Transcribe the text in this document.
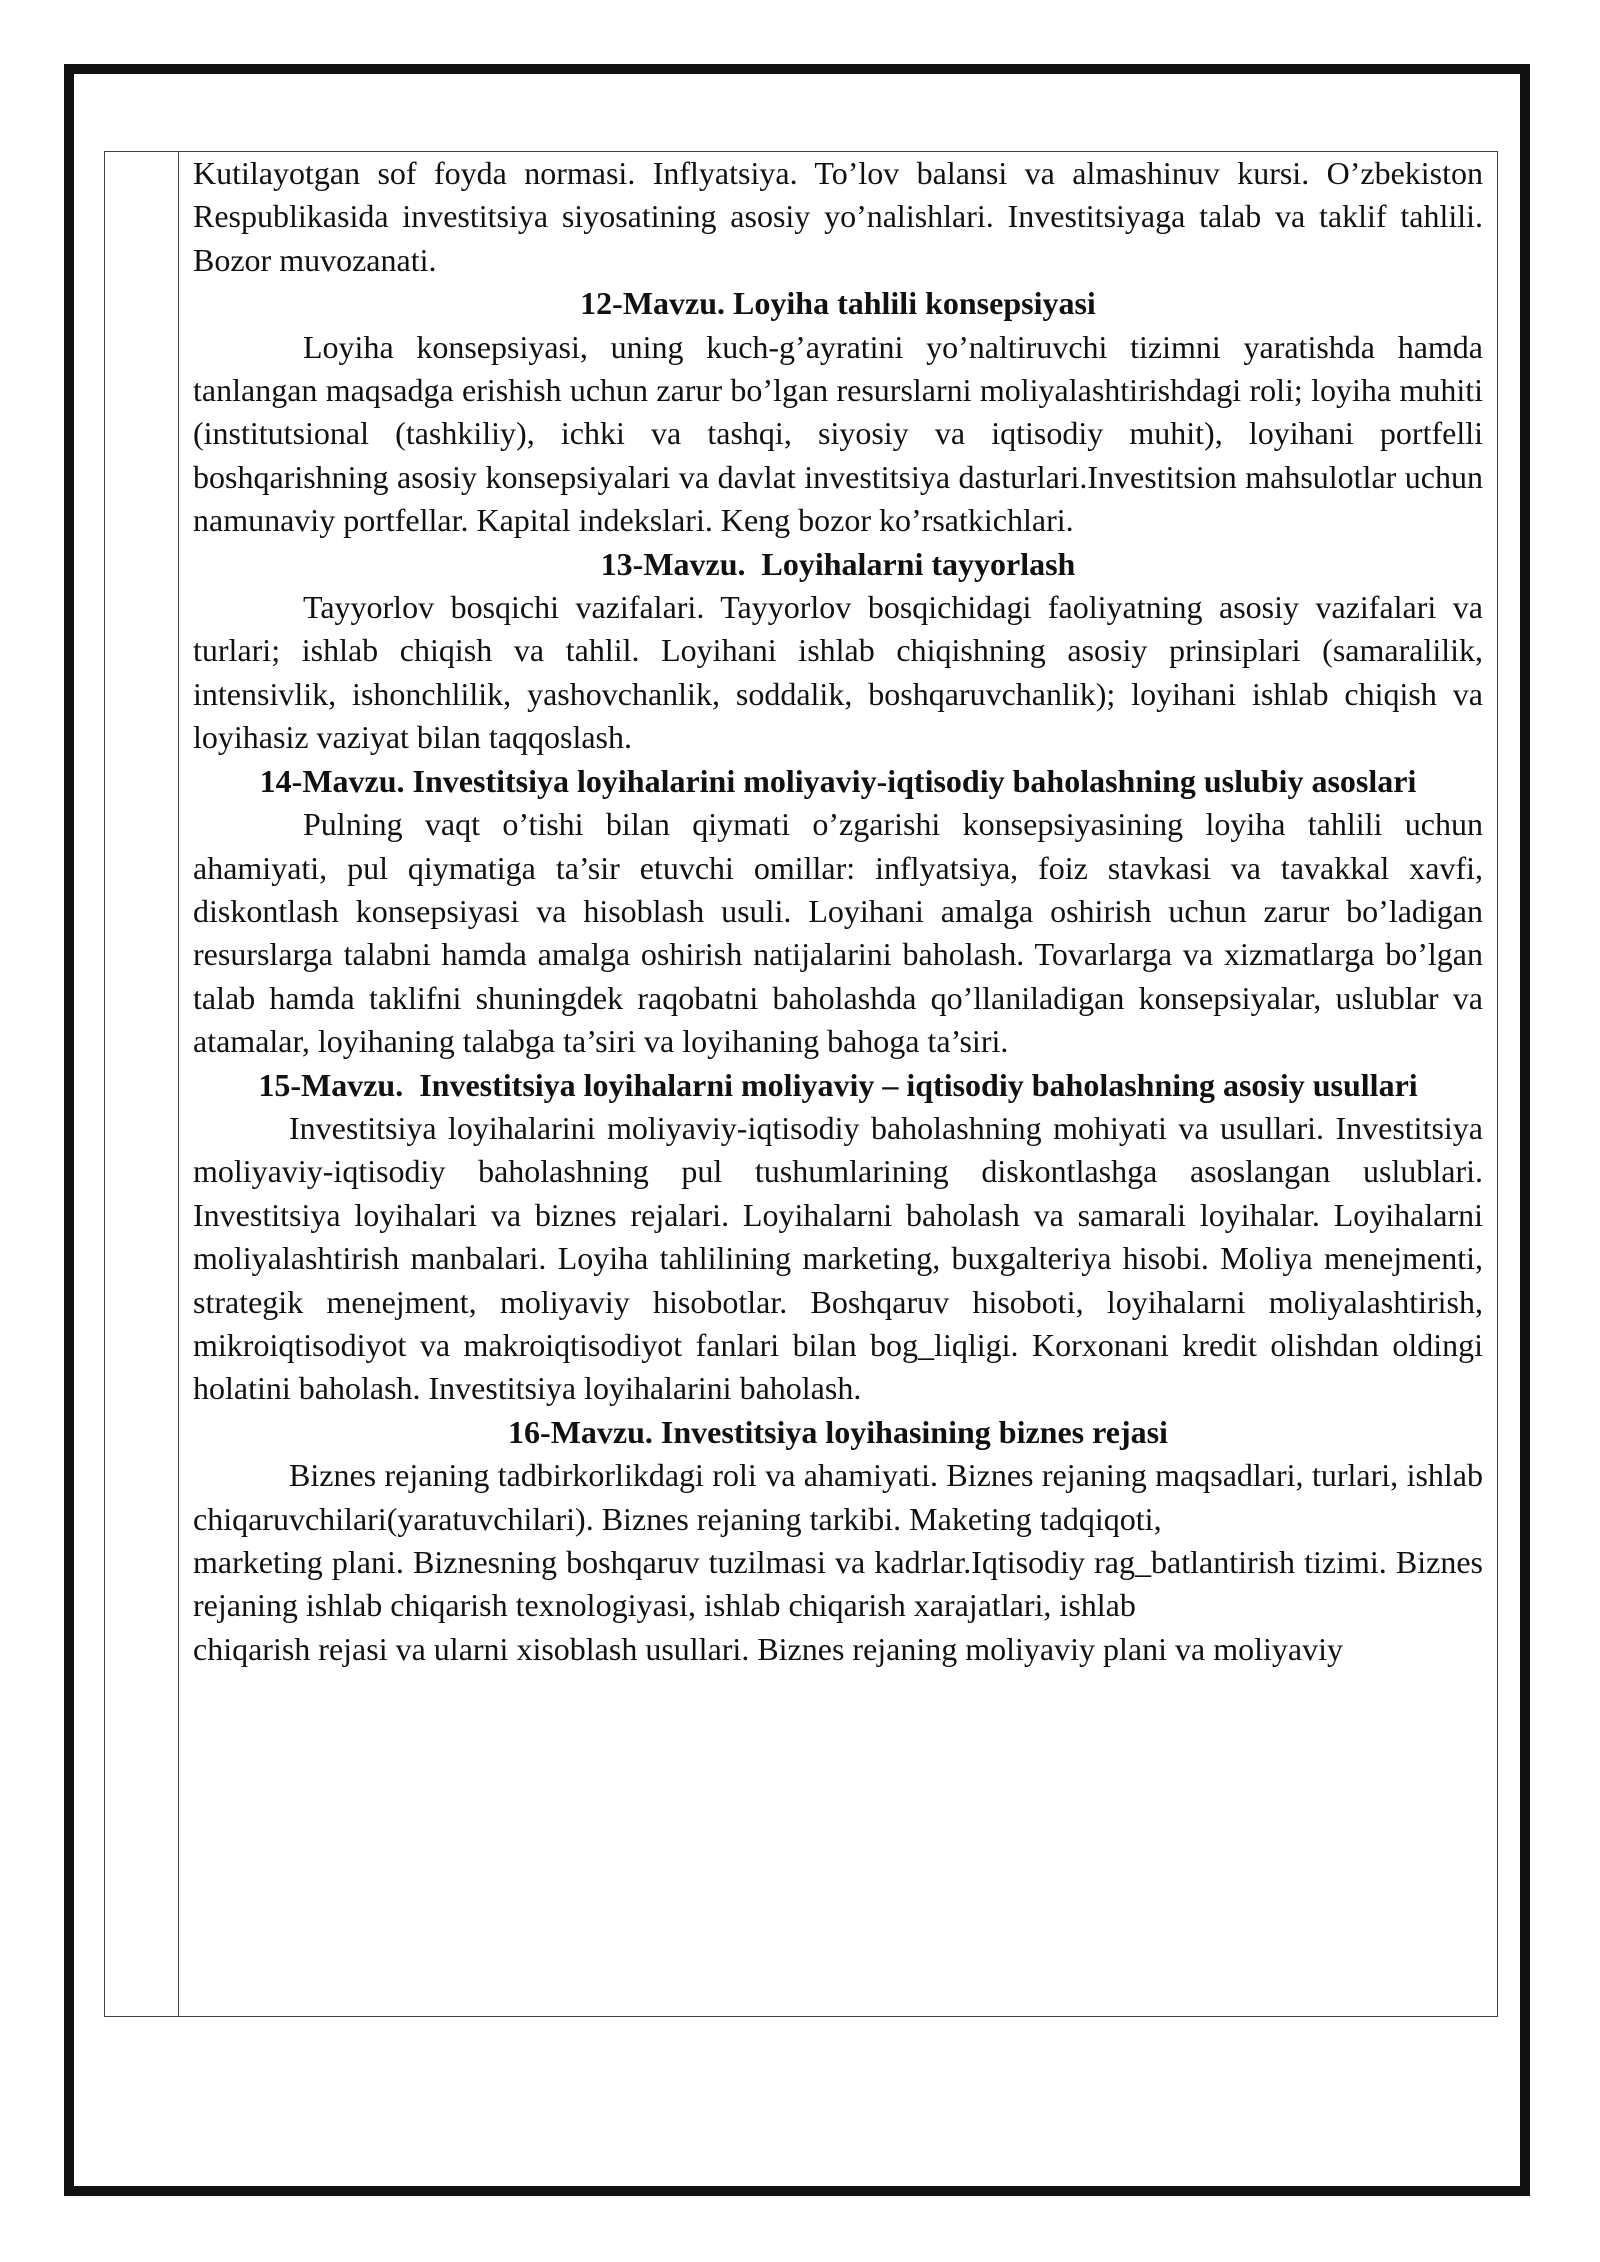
Kutilayotgan sof foyda normasi. Inflyatsiya. To’lov balansi va almashinuv kursi. O’zbekiston Respublikasida investitsiya siyosatining asosiy yo’nalishlari. Investitsiyaga talab va taklif tahlili. Bozor muvozanati.

12-Mavzu. Loyiha tahlili konsepsiyasi

Loyiha konsepsiyasi, uning kuch-g’ayratini yo’naltiruvchi tizimni yaratishda hamda tanlangan maqsadga erishish uchun zarur bo’lgan resurslarni moliyalashtirishdagi roli; loyiha muhiti (institutsional (tashkiliy), ichki va tashqi, siyosiy va iqtisodiy muhit), loyihani portfelli boshqarishning asosiy konsepsiyalari va davlat investitsiya dasturlari.Investitsion mahsulotlar uchun namunaviy portfellar. Kapital indekslari. Keng bozor ko’rsatkichlari.

13-Mavzu.  Loyihalarni tayyorlash

Tayyorlov bosqichi vazifalari. Tayyorlov bosqichidagi faoliyatning asosiy vazifalari va turlari; ishlab chiqish va tahlil. Loyihani ishlab chiqishning asosiy prinsiplari (samaralilik, intensivlik, ishonchlilik, yashovchanlik, soddalik, boshqaruvchanlik); loyihani ishlab chiqish va loyihasiz vaziyat bilan taqqoslash.

14-Mavzu. Investitsiya loyihalarini moliyaviy-iqtisodiy baholashning uslubiy asoslari

Pulning vaqt o’tishi bilan qiymati o’zgarishi konsepsiyasining loyiha tahlili uchun ahamiyati, pul qiymatiga ta’sir etuvchi omillar: inflyatsiya, foiz stavkasi va tavakkal xavfi, diskontlash konsepsiyasi va hisoblash usuli. Loyihani amalga oshirish uchun zarur bo’ladigan resurslarga talabni hamda amalga oshirish natijalarini baholash. Tovarlarga va xizmatlarga bo’lgan talab hamda taklifni shuningdek raqobatni baholashda qo’llaniladigan konsepsiyalar, uslublar va atamalar, loyihaning talabga ta’siri va loyihaning bahoga ta’siri.

15-Mavzu.  Investitsiya loyihalarni moliyaviy – iqtisodiy baholashning asosiy usullari

Investitsiya loyihalarini moliyaviy-iqtisodiy baholashning mohiyati va usullari. Investitsiya moliyaviy-iqtisodiy baholashning pul tushumlarining diskontlashga asoslangan uslublari. Investitsiya loyihalari va biznes rejalari. Loyihalarni baholash va samarali loyihalar. Loyihalarni moliyalashtirish manbalari. Loyiha tahlilining marketing, buxgalteriya hisobi. Moliya menejmenti, strategik menejment, moliyaviy hisobotlar. Boshqaruv hisoboti, loyihalarni moliyalashtirish, mikroiqtisodiyot va makroiqtisodiyot fanlari bilan bog_liqligi. Korxonani kredit olishdan oldingi holatini baholash. Investitsiya loyihalarini baholash.

16-Mavzu. Investitsiya loyihasining biznes rejasi

Biznes rejaning tadbirkorlikdagi roli va ahamiyati. Biznes rejaning maqsadlari, turlari, ishlab chiqaruvchilari(yaratuvchilari). Biznes rejaning tarkibi. Maketing tadqiqoti,

marketing plani. Biznesning boshqaruv tuzilmasi va kadrlar.Iqtisodiy rag_batlantirish tizimi. Biznes rejaning ishlab chiqarish texnologiyasi, ishlab chiqarish xarajatlari, ishlab

chiqarish rejasi va ularni xisoblash usullari. Biznes rejaning moliyaviy plani va moliyaviy
